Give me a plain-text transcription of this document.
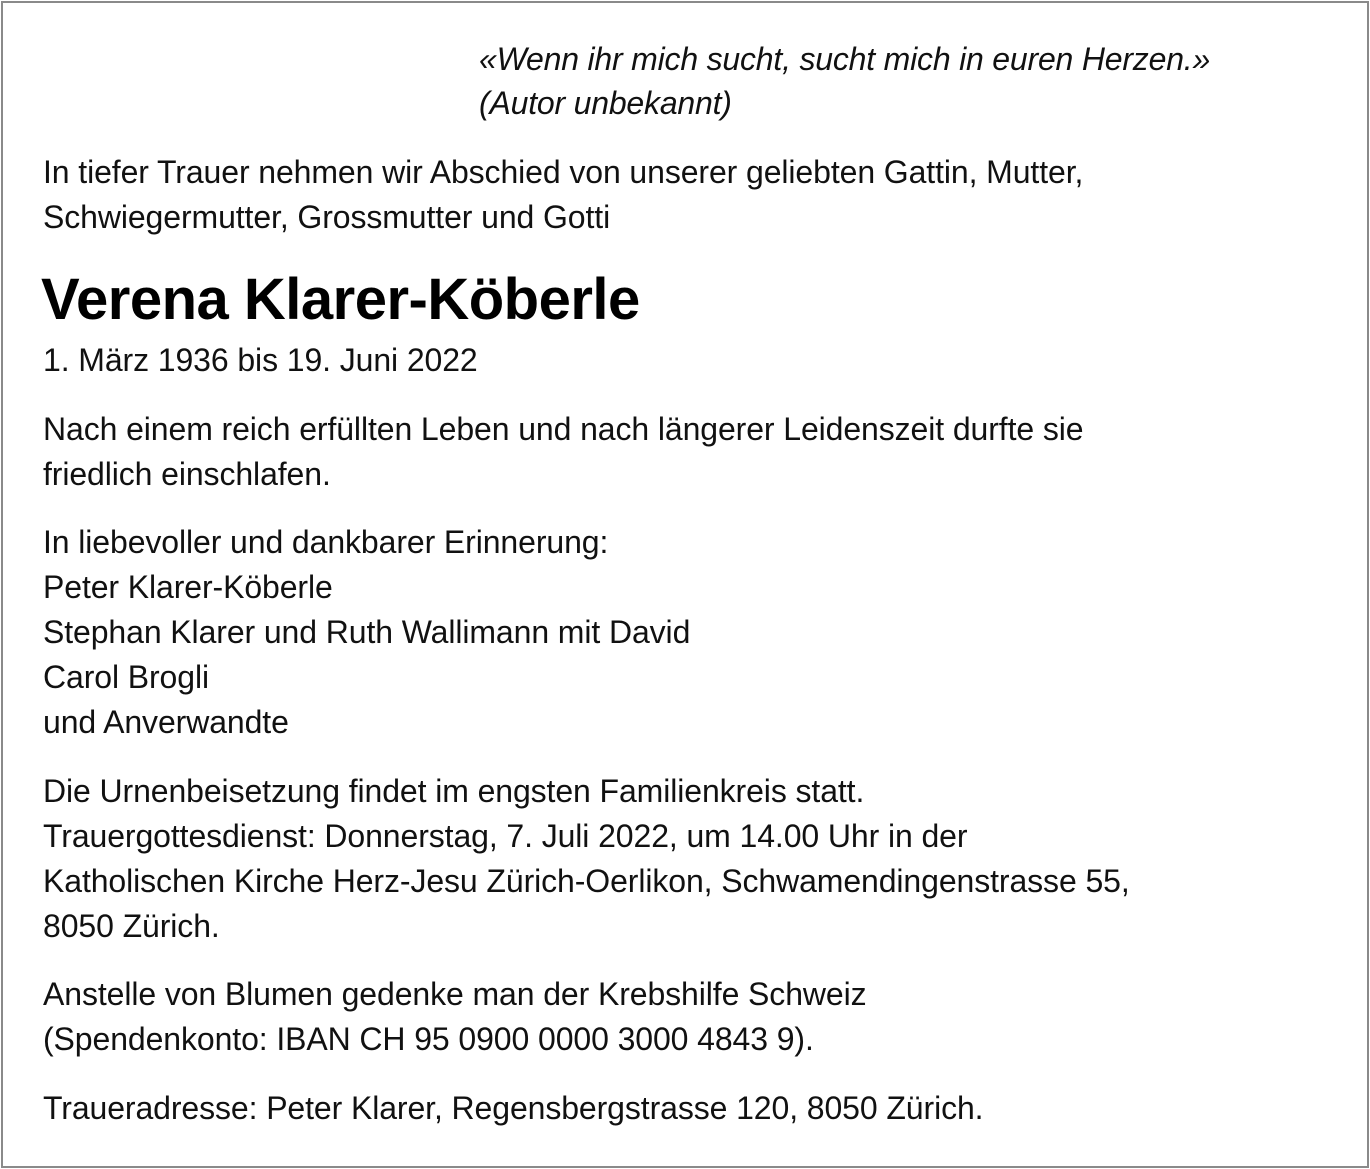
«Wenn ihr mich sucht, sucht mich in euren Herzen.»
(Autor unbekannt)
In tiefer Trauer nehmen wir Abschied von unserer geliebten Gattin, Mutter,
Schwiegermutter, Grossmutter und Gotti
Verena Klarer-Köberle
1. März 1936 bis 19. Juni 2022
Nach einem reich erfüllten Leben und nach längerer Leidenszeit durfte sie
friedlich einschlafen.
In liebevoller und dankbarer Erinnerung:
Peter Klarer-Köberle
Stephan Klarer und Ruth Wallimann mit David
Carol Brogli
und Anverwandte
Die Urnenbeisetzung findet im engsten Familienkreis statt.
Trauergottesdienst: Donnerstag, 7. Juli 2022, um 14.00 Uhr in der
Katholischen Kirche Herz-Jesu Zürich-Oerlikon, Schwamendingenstrasse 55,
8050 Zürich.
Anstelle von Blumen gedenke man der Krebshilfe Schweiz
(Spendenkonto: IBAN CH 95 0900 0000 3000 4843 9).
Traueradresse: Peter Klarer, Regensbergstrasse 120, 8050 Zürich.
